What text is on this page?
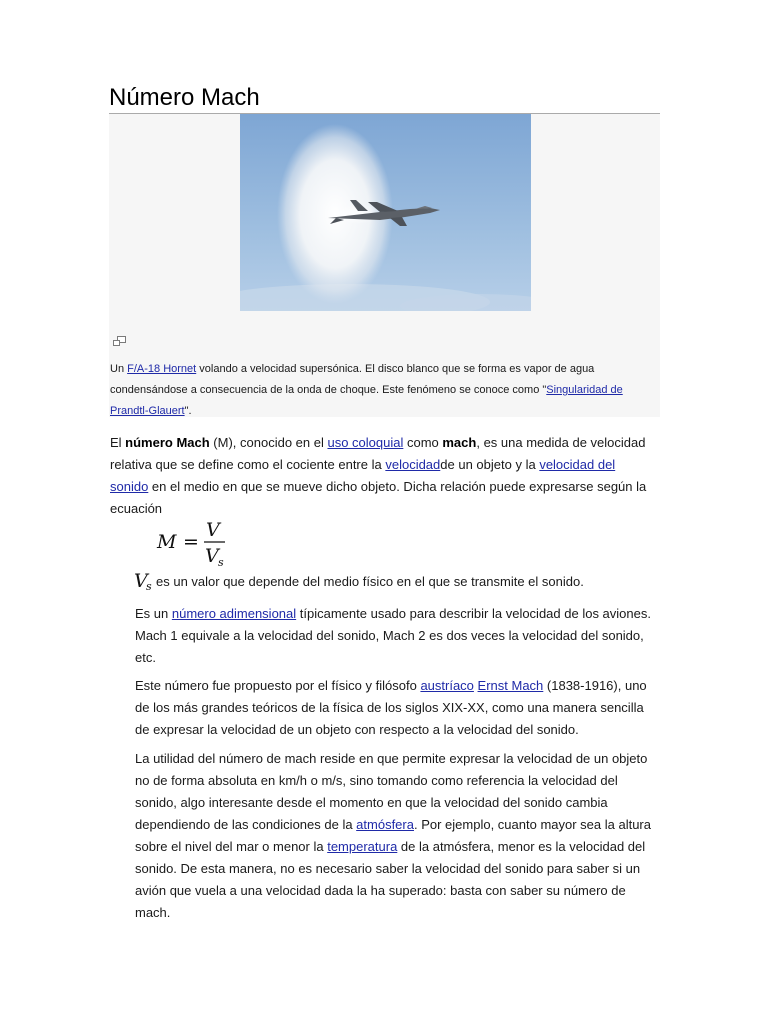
Número Mach

Un F/A-18 Hornet volando a velocidad supersónica. El disco blanco que se forma es vapor de agua condensándose a consecuencia de la onda de choque. Este fenómeno se conoce como "Singularidad de Prandtl-Glauert".

El número Mach (M), conocido en el uso coloquial como mach, es una medida de velocidad relativa que se define como el cociente entre la velocidadde un objeto y la velocidad del sonido en el medio en que se mueve dicho objeto. Dicha relación puede expresarse según la ecuación

M =
V
V s
V
s es un valor que depende del medio físico en el que se transmite el sonido.

Es un número adimensional típicamente usado para describir la velocidad de los aviones. Mach 1 equivale a la velocidad del sonido, Mach 2 es dos veces la velocidad del sonido, etc.

Este número fue propuesto por el físico y filósofo austríaco Ernst Mach (1838-1916), uno de los más grandes teóricos de la física de los siglos XIX-XX, como una manera sencilla de expresar la velocidad de un objeto con respecto a la velocidad del sonido.

La utilidad del número de mach reside en que permite expresar la velocidad de un objeto no de forma absoluta en km/h o m/s, sino tomando como referencia la velocidad del sonido, algo interesante desde el momento en que la velocidad del sonido cambia dependiendo de las condiciones de la atmósfera. Por ejemplo, cuanto mayor sea la altura sobre el nivel del mar o menor la temperatura de la atmósfera, menor es la velocidad del sonido. De esta manera, no es necesario saber la velocidad del sonido para saber si un avión que vuela a una velocidad dada la ha superado: basta con saber su número de mach.
